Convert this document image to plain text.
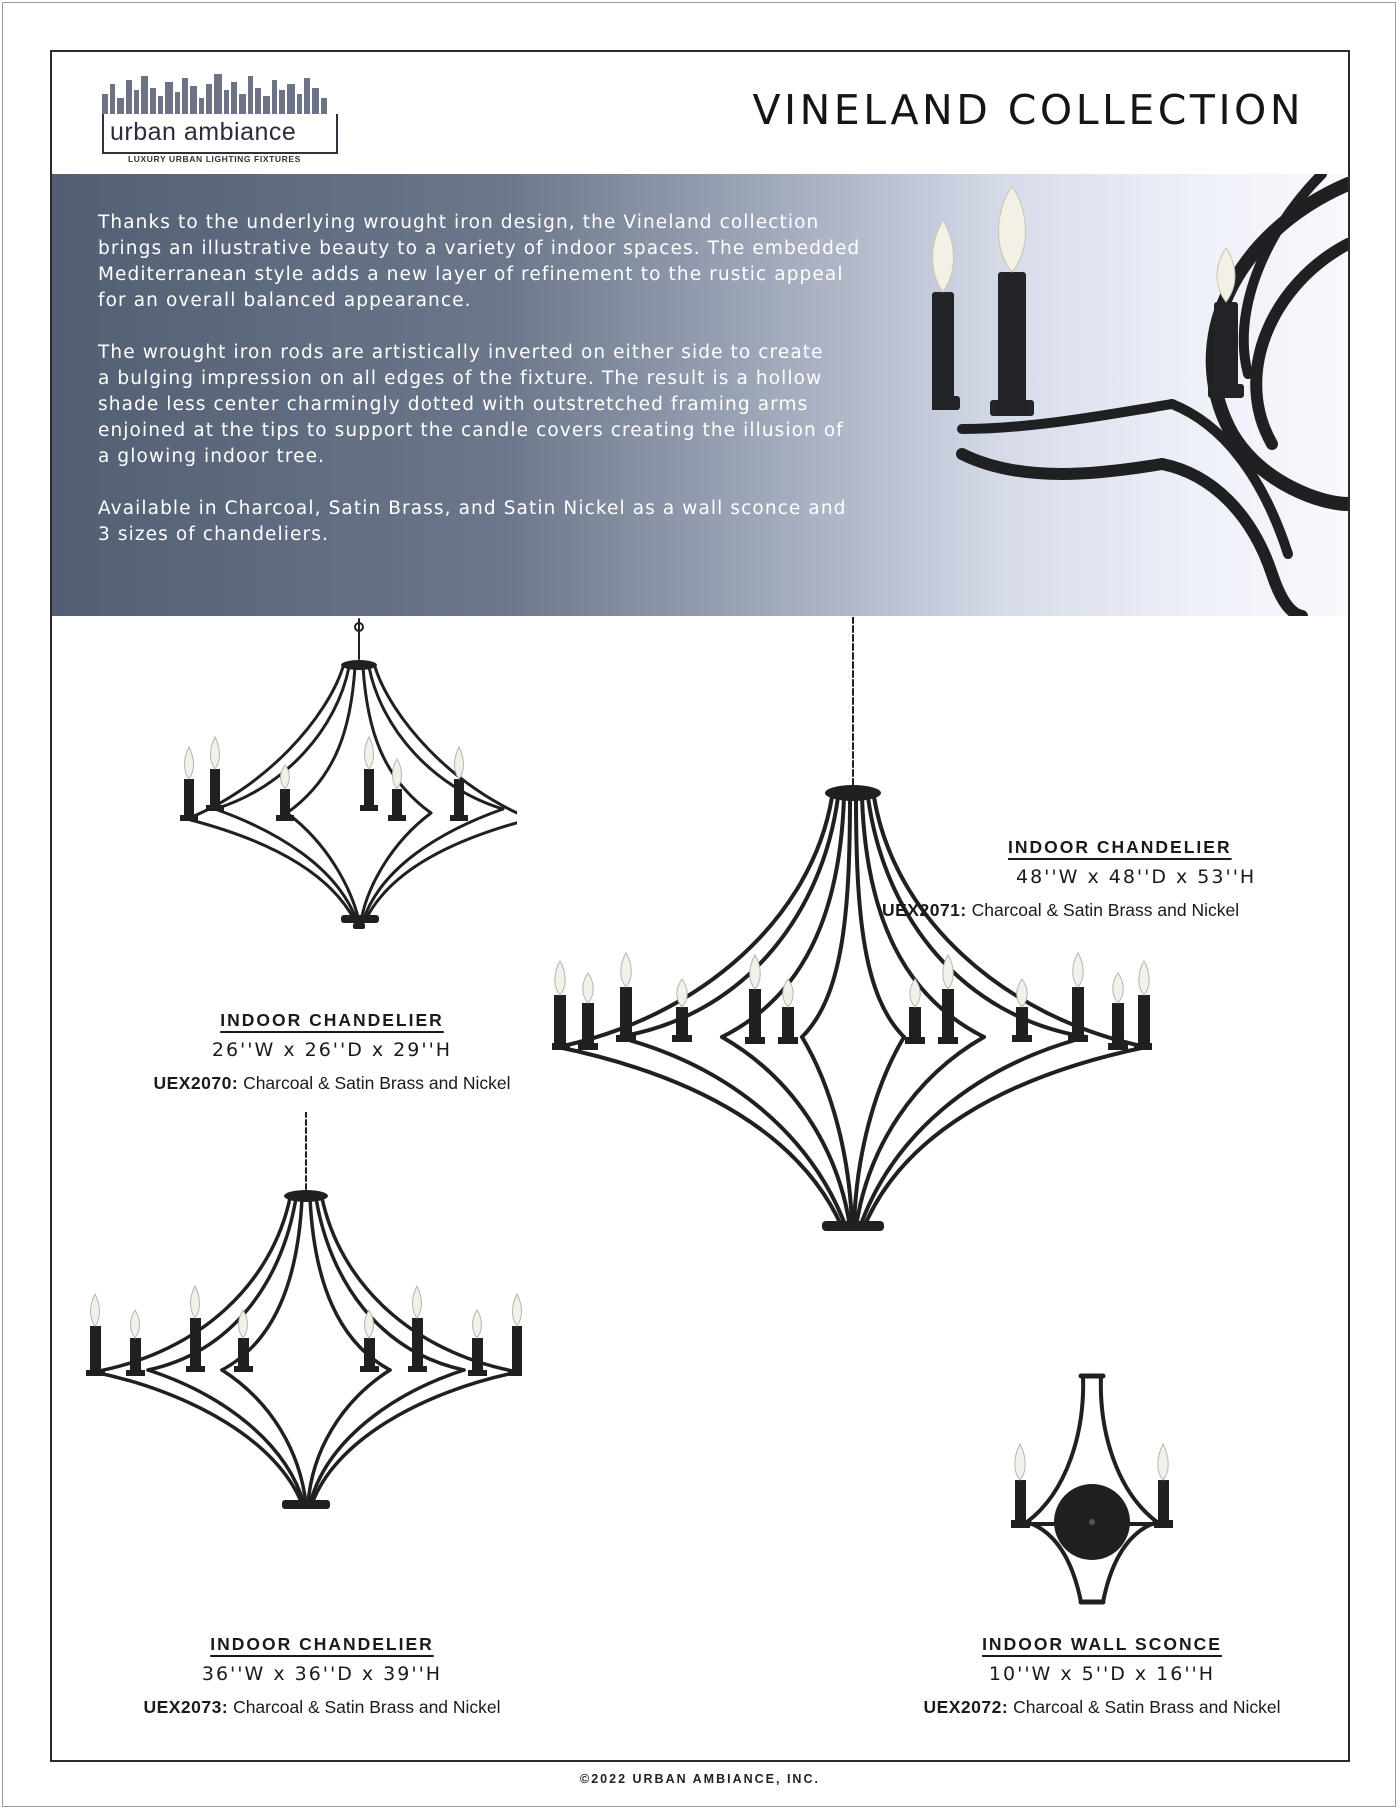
urban ambiance
LUXURY URBAN LIGHTING FIXTURES
VINELAND COLLECTION

Thanks to the underlying wrought iron design, the Vineland collection
brings an illustrative beauty to a variety of indoor spaces. The embedded
Mediterranean style adds a new layer of refinement to the rustic appeal
for an overall balanced appearance.

The wrought iron rods are artistically inverted on either side to create
a bulging impression on all edges of the fixture. The result is a hollow
shade less center charmingly dotted with outstretched framing arms
enjoined at the tips to support the candle covers creating the illusion of
a glowing indoor tree.

Available in Charcoal, Satin Brass, and Satin Nickel as a wall sconce and
3 sizes of chandeliers.

INDOOR CHANDELIER
26''W x 26''D x 29''H
UEX2070: Charcoal & Satin Brass and Nickel
INDOOR CHANDELIER
48''W x 48''D x 53''H
UEX2071: Charcoal & Satin Brass and Nickel
INDOOR CHANDELIER
36''W x 36''D x 39''H
UEX2073: Charcoal & Satin Brass and Nickel
INDOOR WALL SCONCE
10''W x 5''D x 16''H
UEX2072: Charcoal & Satin Brass and Nickel
©2022 URBAN AMBIANCE, INC.
